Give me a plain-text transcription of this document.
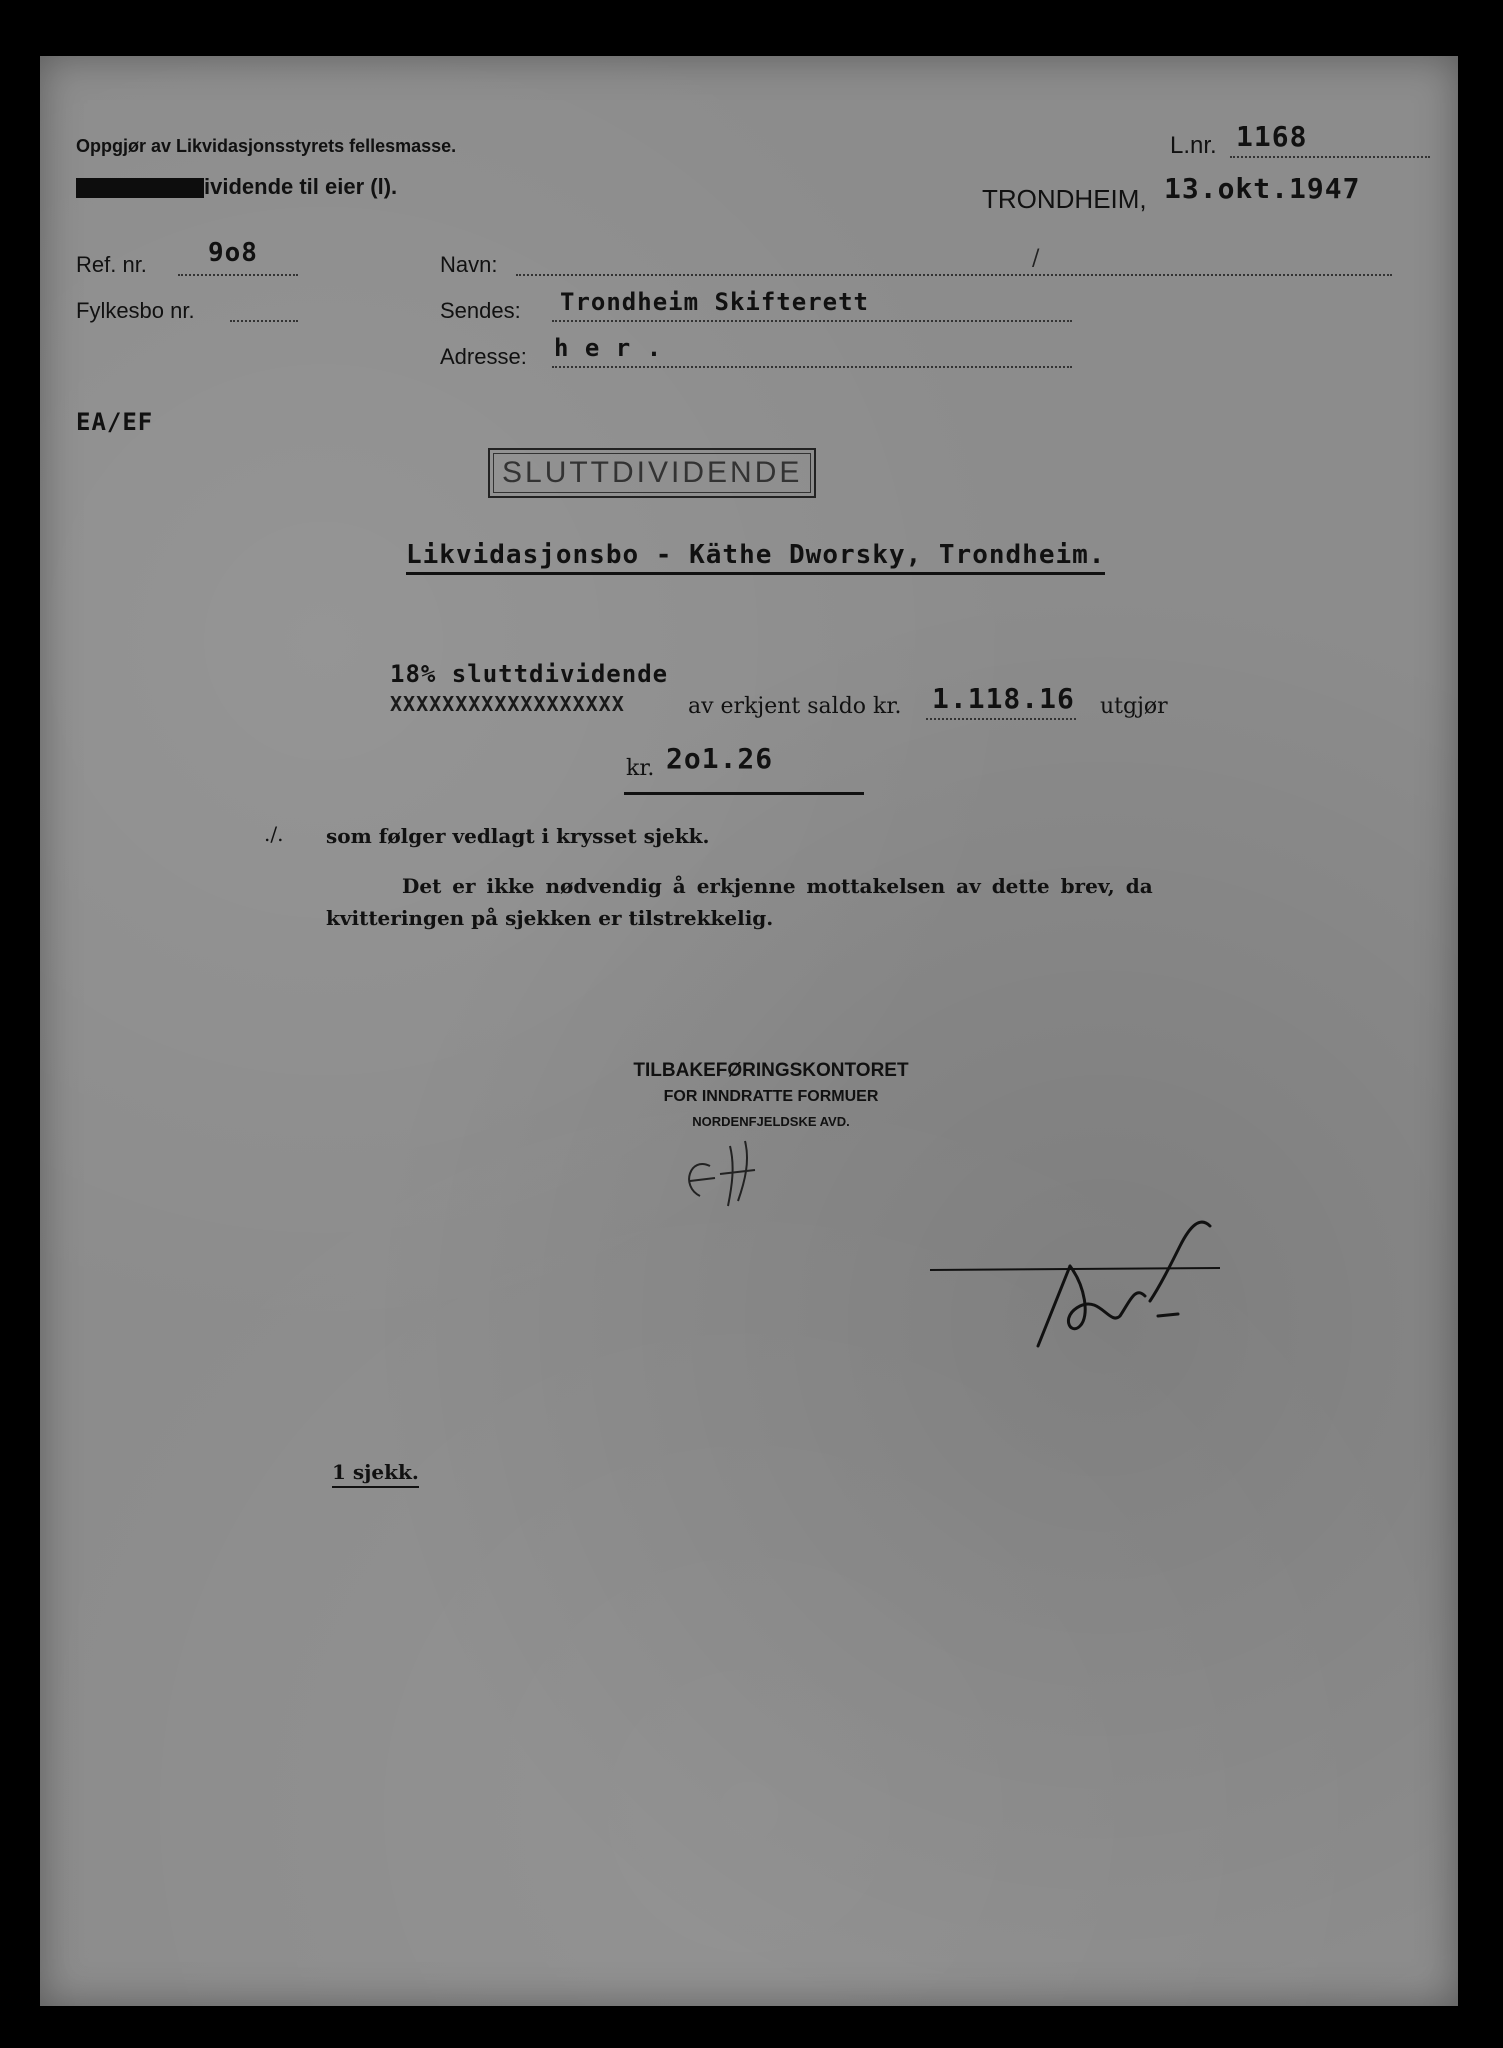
Oppgjør av Likvidasjonsstyrets fellesmasse.
ividende til eier (l).
L.nr. 1168
TRONDHEIM, 13.okt.1947
Ref. nr. 9o8
Fylkesbo nr.
Navn:	/
Sendes: Trondheim Skifterett
Adresse: h e r .
EA/EF
SLUTTDIVIDENDE
Likvidasjonsbo - Käthe Dworsky, Trondheim.
18% sluttdividende
XXXXXXXXXXXXXXXXXX	av erkjent saldo kr. 1.118.16 utgjør
kr. 2o1.26
./. som følger vedlagt i krysset sjekk.
Det er ikke nødvendig å erkjenne mottakelsen av dette brev, da
kvitteringen på sjekken er tilstrekkelig.
TILBAKEFØRINGSKONTORET
FOR INNDRATTE FORMUER
NORDENFJELDSKE AVD.
1 sjekk.
